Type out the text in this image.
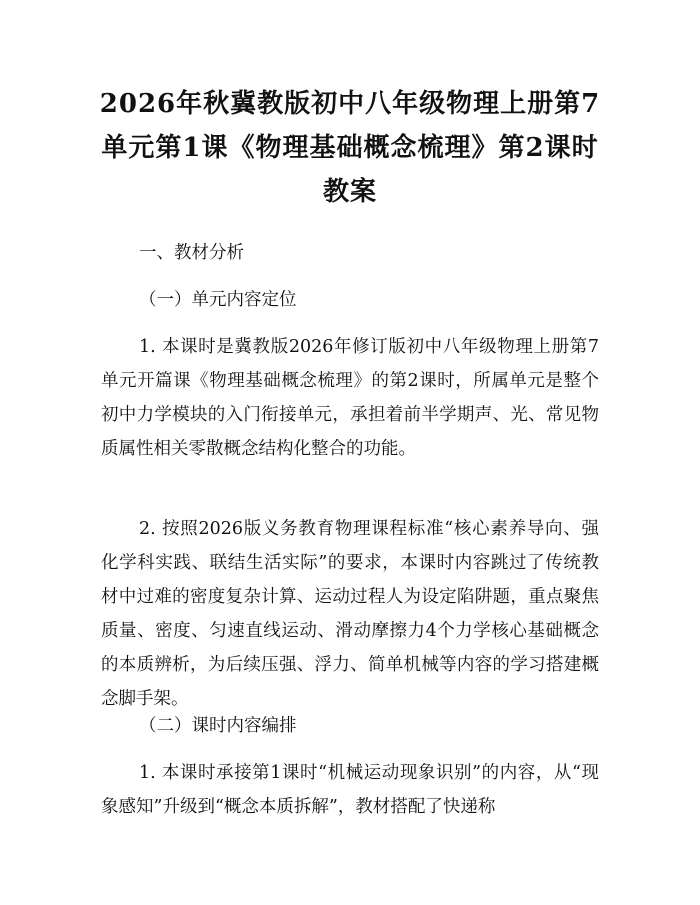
2026年秋冀教版初中八年级物理上册第7单元第1课《物理基础概念梳理》第2课时教案

一、教材分析

（一）单元内容定位

1. 本课时是冀教版2026年修订版初中八年级物理上册第7单元开篇课《物理基础概念梳理》的第2课时，所属单元是整个初中力学模块的入门衔接单元，承担着前半学期声、光、常见物质属性相关零散概念结构化整合的功能。

2. 按照2026版义务教育物理课程标准“核心素养导向、强化学科实践、联结生活实际”的要求，本课时内容跳过了传统教材中过难的密度复杂计算、运动过程人为设定陷阱题，重点聚焦质量、密度、匀速直线运动、滑动摩擦力4个力学核心基础概念的本质辨析，为后续压强、浮力、简单机械等内容的学习搭建概念脚手架。

（二）课时内容编排

1. 本课时承接第1课时“机械运动现象识别”的内容，从“现象感知”升级到“概念本质拆解”，教材搭配了快递称
